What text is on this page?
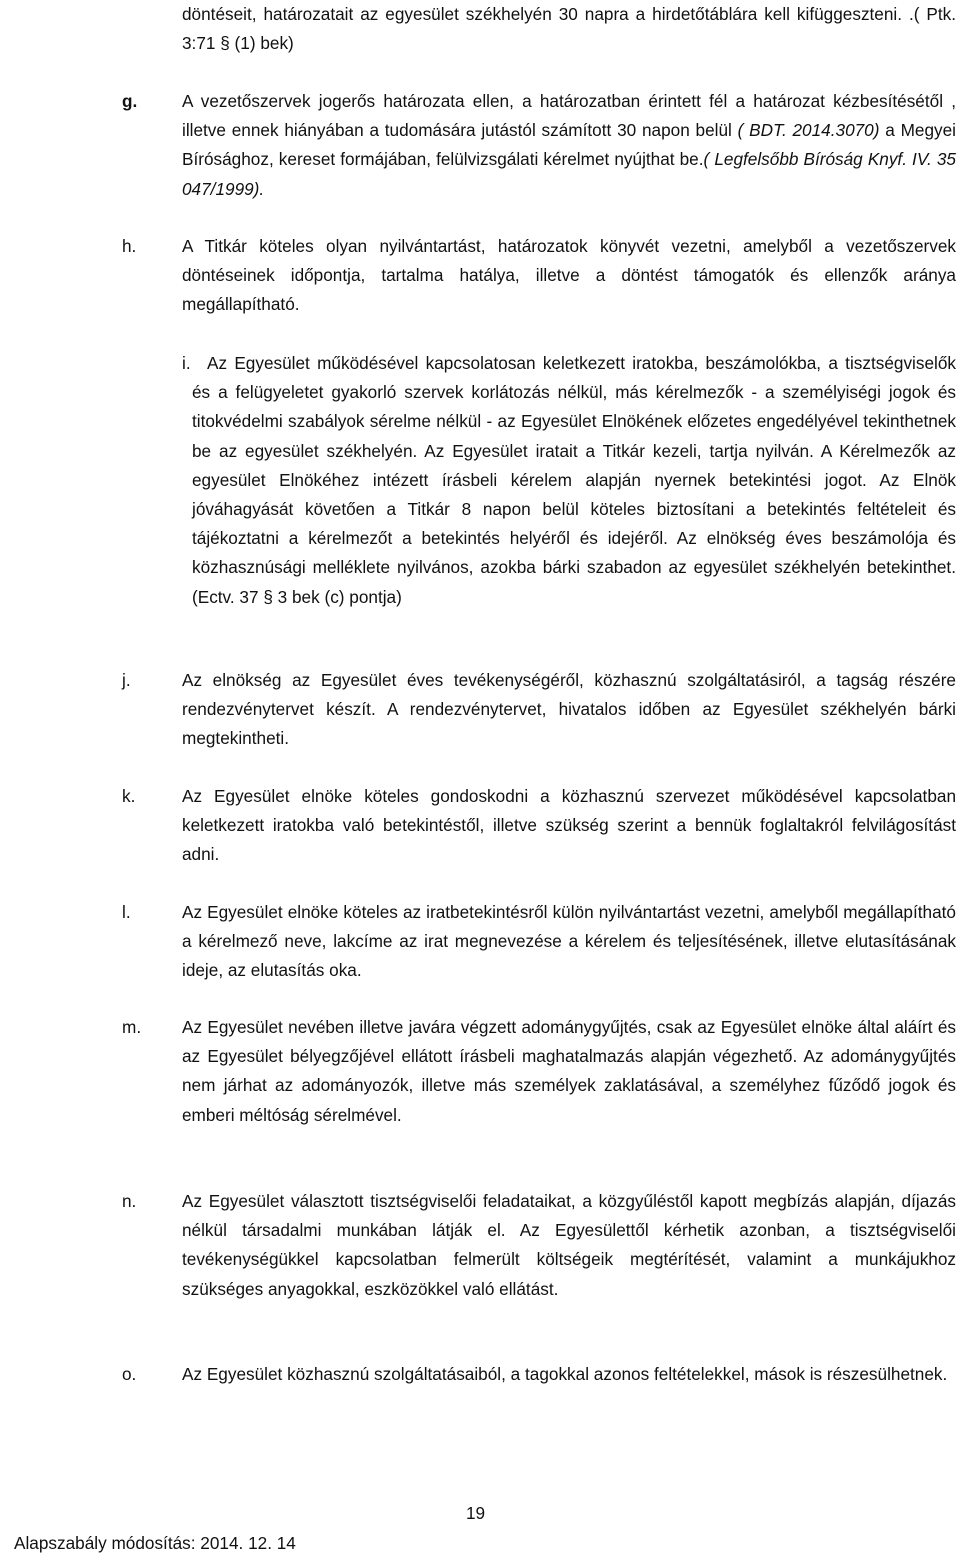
döntéseit, határozatait az egyesület székhelyén 30 napra a hirdetőtáblára kell kifüggeszteni. .( Ptk. 3:71 § (1) bek)

g.	A vezetőszervek jogerős határozata ellen, a határozatban érintett fél a határozat kézbesítésétől , illetve ennek hiányában a tudomására jutástól számított 30 napon belül ( BDT. 2014.3070) a Megyei Bírósághoz, kereset formájában, felülvizsgálati kérelmet nyújthat be.( Legfelsőbb Bíróság Knyf. IV. 35 047/1999).

h.	A Titkár köteles olyan nyilvántartást, határozatok könyvét vezetni, amelyből a vezetőszervek döntéseinek időpontja, tartalma hatálya, illetve a döntést támogatók és ellenzők aránya megállapítható.

i. Az Egyesület működésével kapcsolatosan keletkezett iratokba, beszámolókba, a tisztségviselők és a felügyeletet gyakorló szervek korlátozás nélkül, más kérelmezők - a személyiségi jogok és titokvédelmi szabályok sérelme nélkül - az Egyesület Elnökének előzetes engedélyével tekinthetnek be az egyesület székhelyén. Az Egyesület iratait a Titkár kezeli, tartja nyilván. A Kérelmezők az egyesület Elnökéhez intézett írásbeli kérelem alapján nyernek betekintési jogot. Az Elnök jóváhagyását követően a Titkár 8 napon belül köteles biztosítani a betekintés feltételeit és tájékoztatni a kérelmezőt a betekintés helyéről és idejéről. Az elnökség éves beszámolója és közhasznúsági melléklete nyilvános, azokba bárki szabadon az egyesület székhelyén betekinthet.(Ectv. 37 § 3 bek (c) pontja)

j.	Az elnökség az Egyesület éves tevékenységéről, közhasznú szolgáltatásiról, a tagság részére rendezvénytervet készít. A rendezvénytervet, hivatalos időben az Egyesület székhelyén bárki megtekintheti.

k.	Az Egyesület elnöke köteles gondoskodni a közhasznú szervezet működésével kapcsolatban keletkezett iratokba való betekintéstől, illetve szükség szerint a bennük foglaltakról felvilágosítást adni.

l.	Az Egyesület elnöke köteles az iratbetekintésről külön nyilvántartást vezetni, amelyből megállapítható a kérelmező neve, lakcíme az irat megnevezése a kérelem és teljesítésének, illetve elutasításának ideje, az elutasítás oka.

m. Az Egyesület nevében illetve javára végzett adománygyűjtés, csak az Egyesület elnöke által aláírt és az Egyesület bélyegzőjével ellátott írásbeli maghatalmazás alapján végezhető. Az adománygyűjtés nem járhat az adományozók, illetve más személyek zaklatásával, a személyhez fűződő jogok és emberi méltóság sérelmével.

n.	Az Egyesület választott tisztségviselői feladataikat, a közgyűléstől kapott megbízás alapján, díjazás nélkül társadalmi munkában látják el. Az Egyesülettől kérhetik azonban, a tisztségviselői tevékenységükkel kapcsolatban felmerült költségeik megtérítését, valamint a munkájukhoz szükséges anyagokkal, eszközökkel való ellátást.

o.	Az Egyesület közhasznú szolgáltatásaiból, a tagokkal azonos feltételekkel, mások is részesülhetnek.

19
Alapszabály módosítás: 2014. 12. 14
